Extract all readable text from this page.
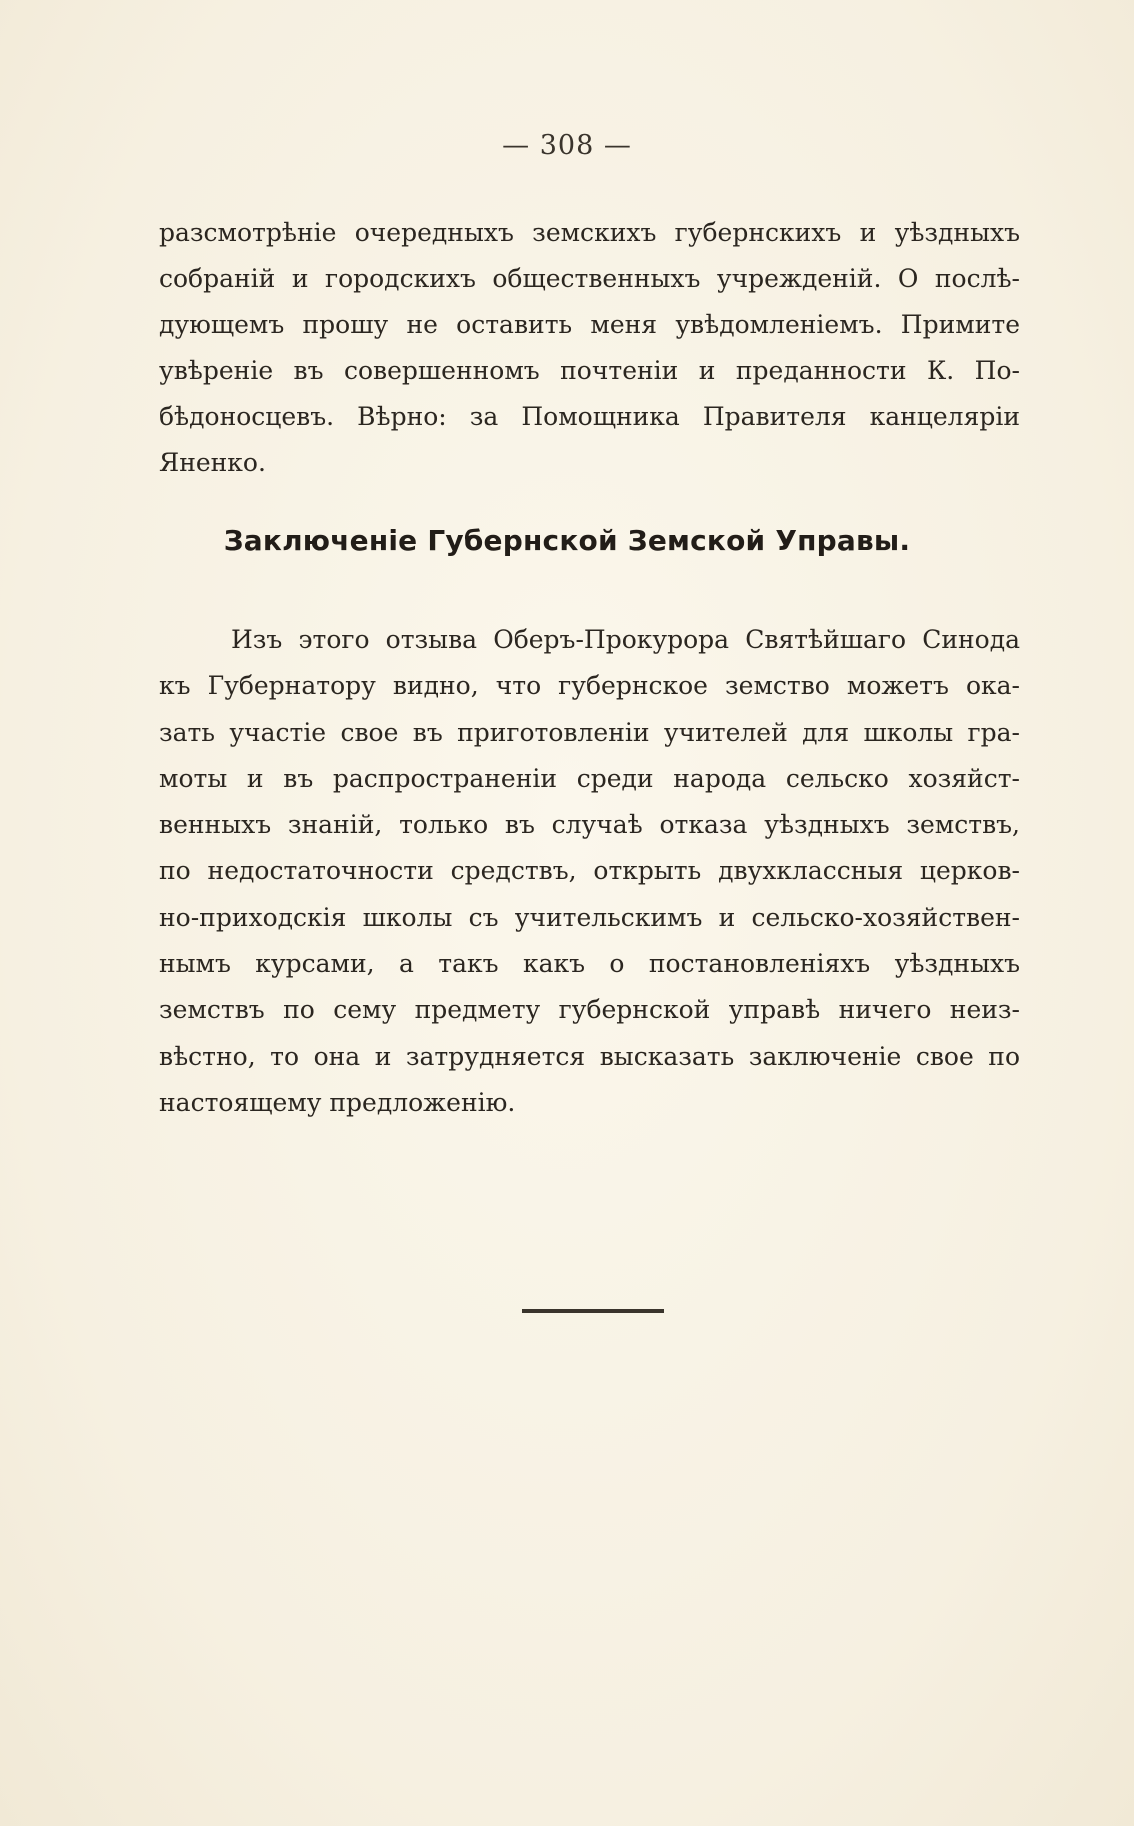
— 308 —
разсмотрѣніе очередныхъ земскихъ губернскихъ и уѣздныхъ
собраній и городскихъ общественныхъ учрежденій. О послѣ-
дующемъ прошу не оставить меня увѣдомленіемъ. Примите
увѣреніе въ совершенномъ почтеніи и преданности К. По-
бѣдоносцевъ. Вѣрно: за Помощника Правителя канцеляріи
Яненко.
Заключеніе Губернской Земской Управы.
Изъ этого отзыва Оберъ-Прокурора Святѣйшаго Синода
къ Губернатору видно, что губернское земство можетъ ока-
зать участіе свое въ приготовленіи учителей для школы гра-
моты и въ распространеніи среди народа сельско хозяйст-
венныхъ знаній, только въ случаѣ отказа уѣздныхъ земствъ,
по недостаточности средствъ, открыть двухклассныя церков-
но-приходскія школы съ учительскимъ и сельско-хозяйствен-
нымъ курсами, а такъ какъ о постановленіяхъ уѣздныхъ
земствъ по сему предмету губернской управѣ ничего неиз-
вѣстно, то она и затрудняется высказать заключеніе свое по
настоящему предложенію.
